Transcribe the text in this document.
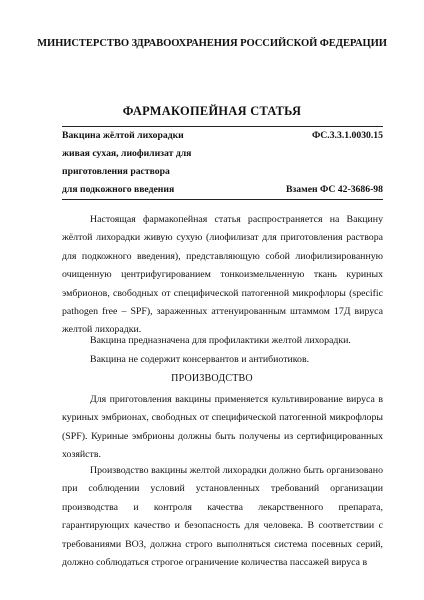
МИНИСТЕРСТВО ЗДРАВООХРАНЕНИЯ РОССИЙСКОЙ ФЕДЕРАЦИИ
ФАРМАКОПЕЙНАЯ СТАТЬЯ
Вакцина жёлтой лихорадки	ФС.3.3.1.0030.15
живая сухая, лиофилизат для
приготовления раствора
для подкожного введения	Взамен ФС 42-3686-98

Настоящая фармакопейная статья распространяется на Вакцину жёлтой лихорадки живую сухую (лиофилизат для приготовления раствора для подкожного введения), представляющую собой лиофилизированную очищенную центрифугированием тонкоизмельченную ткань куриных эмбрионов, свободных от специфической патогенной микрофлоры (specific pathogen free – SPF), зараженных аттенуированным штаммом 17Д вируса желтой лихорадки.

Вакцина предназначена для профилактики желтой лихорадки.

Вакцина не содержит консервантов и антибиотиков.

ПРОИЗВОДСТВО

Для приготовления вакцины применяется культивирование вируса в куриных эмбрионах, свободных от специфической патогенной микрофлоры (SPF). Куриные эмбрионы должны быть получены из сертифицированных хозяйств.

Производство вакцины желтой лихорадки должно быть организовано при соблюдении условий установленных требований организации производства и контроля качества лекарственного препарата, гарантирующих качество и безопасность для человека. В соответствии с требованиями ВОЗ, должна строго выполняться система посевных серий, должно соблюдаться строгое ограничение количества пассажей вируса в
